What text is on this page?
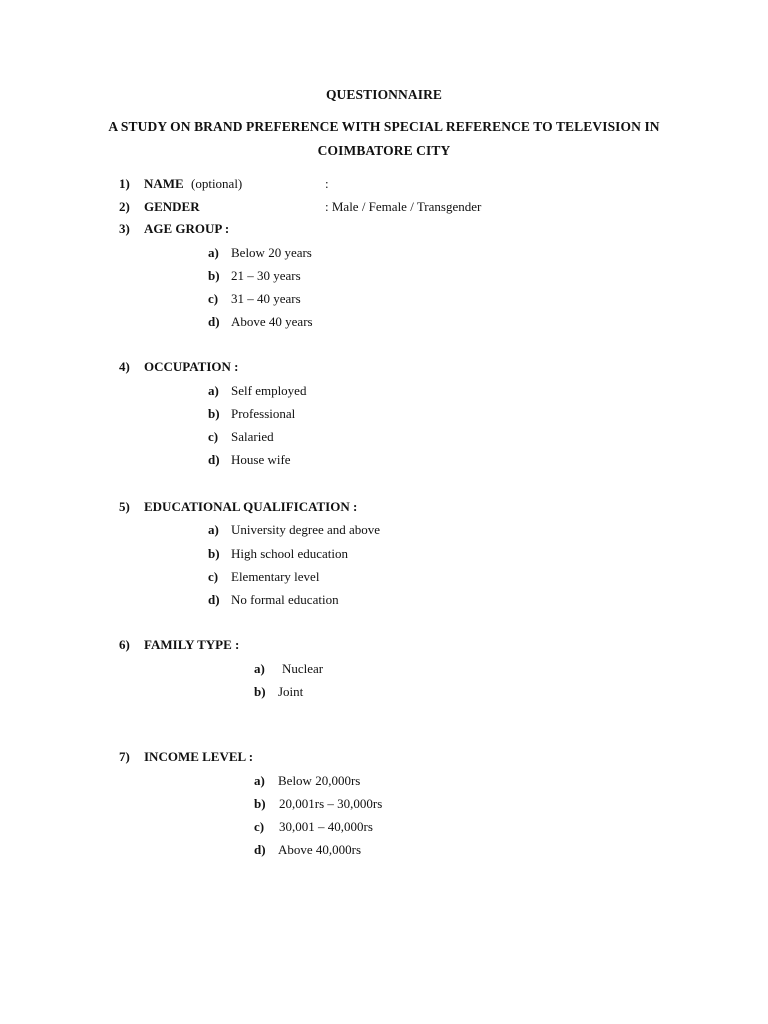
QUESTIONNAIRE
A STUDY ON BRAND PREFERENCE WITH SPECIAL REFERENCE TO TELEVISION IN
COIMBATORE CITY
1) NAME (optional)	:
2) GENDER	: Male / Female / Transgender
3) AGE GROUP :
a) Below 20 years
b) 21 – 30 years
c) 31 – 40 years
d) Above 40 years
4) OCCUPATION :
a) Self employed
b) Professional
c) Salaried
d) House wife
5) EDUCATIONAL QUALIFICATION :
a) University degree and above
b) High school education
c) Elementary level
d) No formal education
6) FAMILY TYPE :
a) Nuclear
b) Joint
7) INCOME LEVEL :
a) Below 20,000rs
b) 20,001rs – 30,000rs
c) 30,001 – 40,000rs
d) Above 40,000rs
